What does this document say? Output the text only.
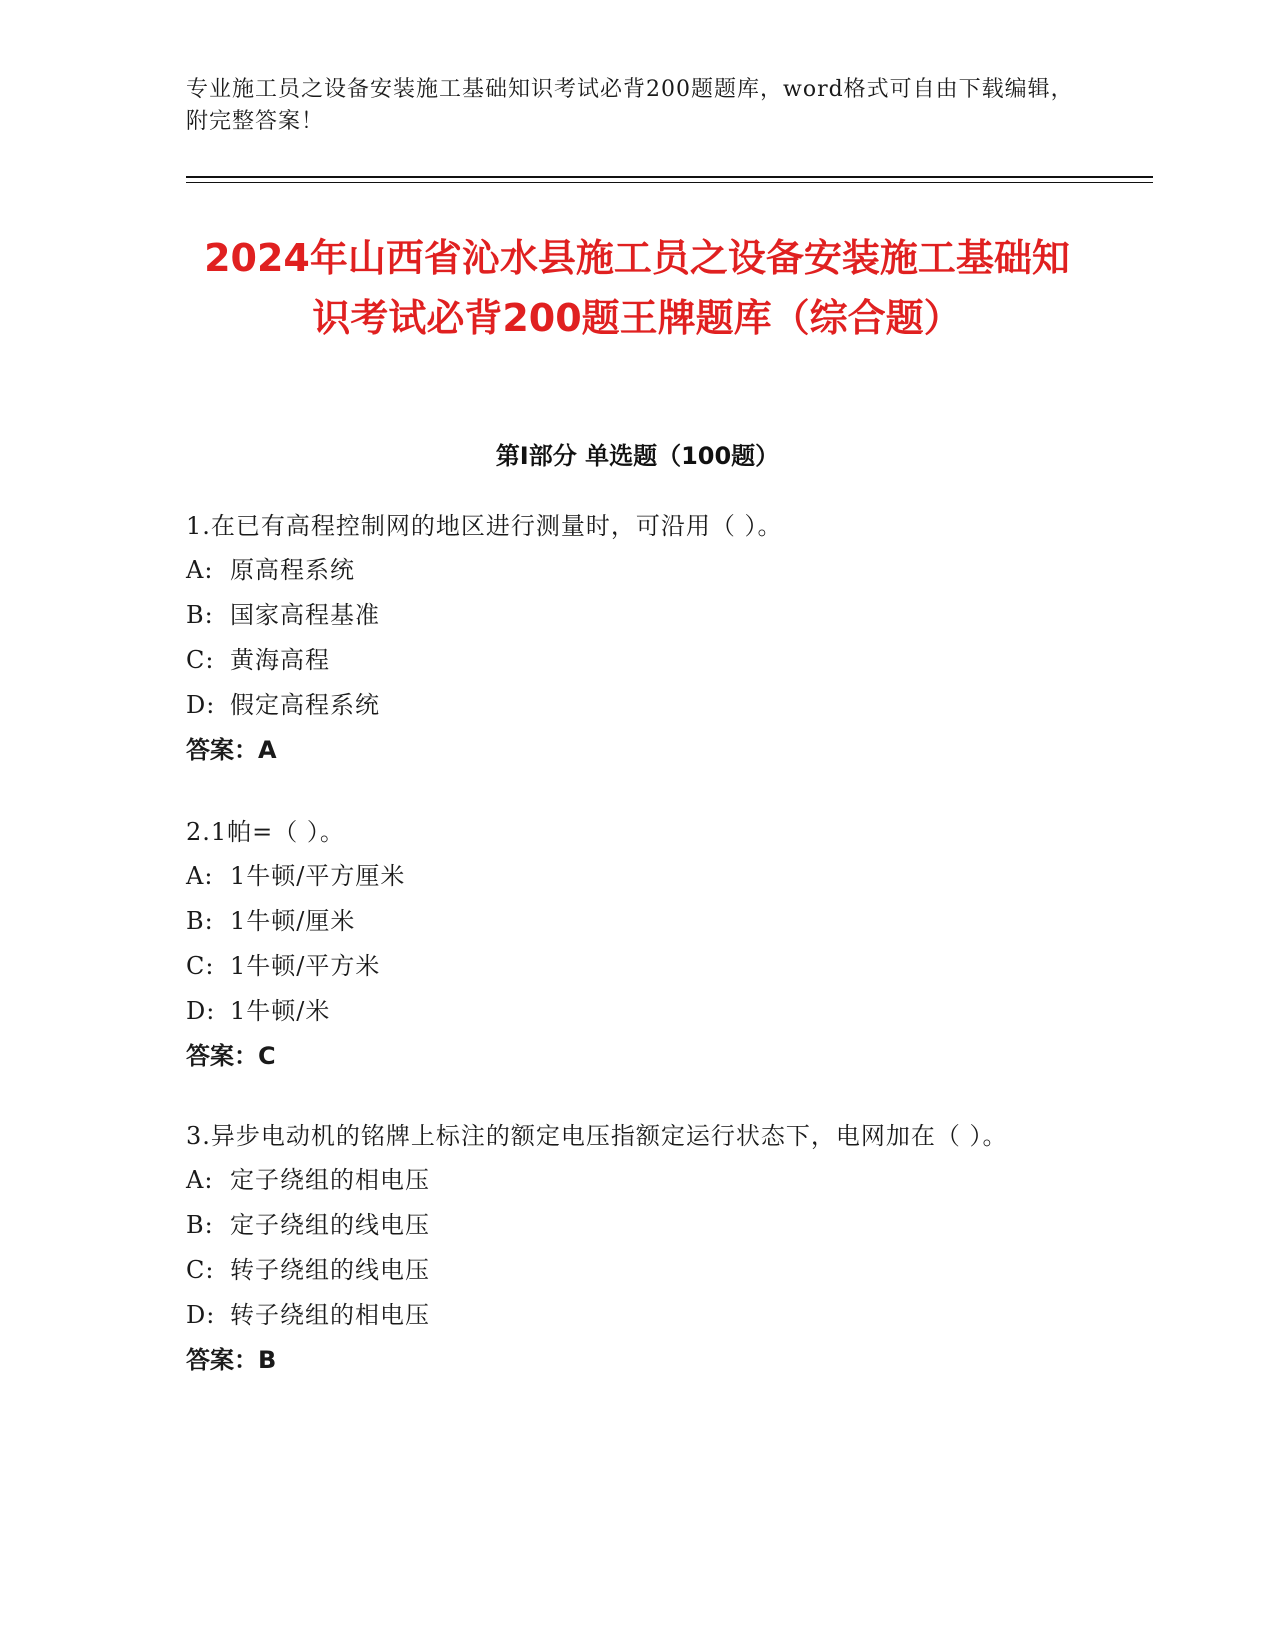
专业施工员之设备安装施工基础知识考试必背200题题库，word格式可自由下载编辑，附完整答案！
2024年山西省沁水县施工员之设备安装施工基础知识考试必背200题王牌题库（综合题）
第I部分 单选题（100题）
1.在已有高程控制网的地区进行测量时，可沿用（ ）。
A: 原高程系统
B: 国家高程基准
C: 黄海高程
D: 假定高程系统
答案：A
2.1帕=（ ）。
A: 1牛顿/平方厘米
B: 1牛顿/厘米
C: 1牛顿/平方米
D: 1牛顿/米
答案：C
3.异步电动机的铭牌上标注的额定电压指额定运行状态下，电网加在（ ）。
A: 定子绕组的相电压
B: 定子绕组的线电压
C: 转子绕组的线电压
D: 转子绕组的相电压
答案：B
